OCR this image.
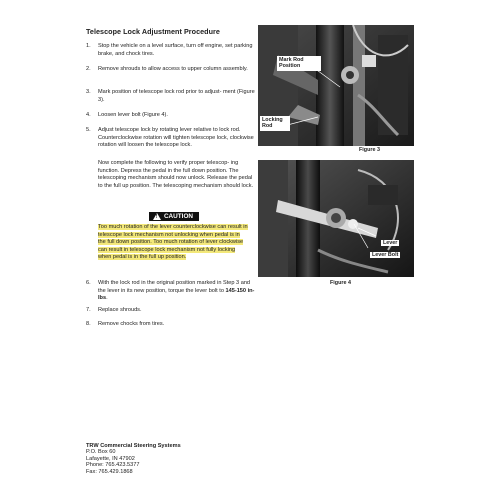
Telescope Lock Adjustment Procedure
1. Stop the vehicle on a level surface, turn off engine, set parking brake, and chock tires.
2. Remove shrouds to allow access to upper column assembly.
3. Mark position of telescope lock rod prior to adjust- ment (Figure 3).
4. Loosen lever bolt (Figure 4).
5. Adjust telescope lock by rotating lever relative to lock rod. Counterclockwise rotation will tighten telescope lock, clockwise rotation will loosen the telescope lock.
Now complete the following to verify proper telescop- ing function. Depress the pedal in the full down position. The telescoping mechanism should now unlock. Release the pedal to the full up position. The telescoping mechanism should lock.
!
CAUTION
Too much rotation of the lever counterclockwise can result in telescope lock mechanism not unlocking when pedal is in the full down position. Too much rotation of lever clockwise can result in telescope lock mechanism not fully locking when pedal is in the full up position.
6. With the lock rod in the original position marked in Step 3 and the lever in its new position, torque the lever bolt to 145-150 in-lbs.
7. Replace shrouds.
8. Remove chocks from tires.
Mark Rod Position
Locking Rod
Figure 3
Lever
Lever Bolt
Figure 4
TRW Commercial Steering Systems
P.O. Box 60
Lafayette, IN 47902
Phone: 765.423.5377
Fax: 765.429.1868
